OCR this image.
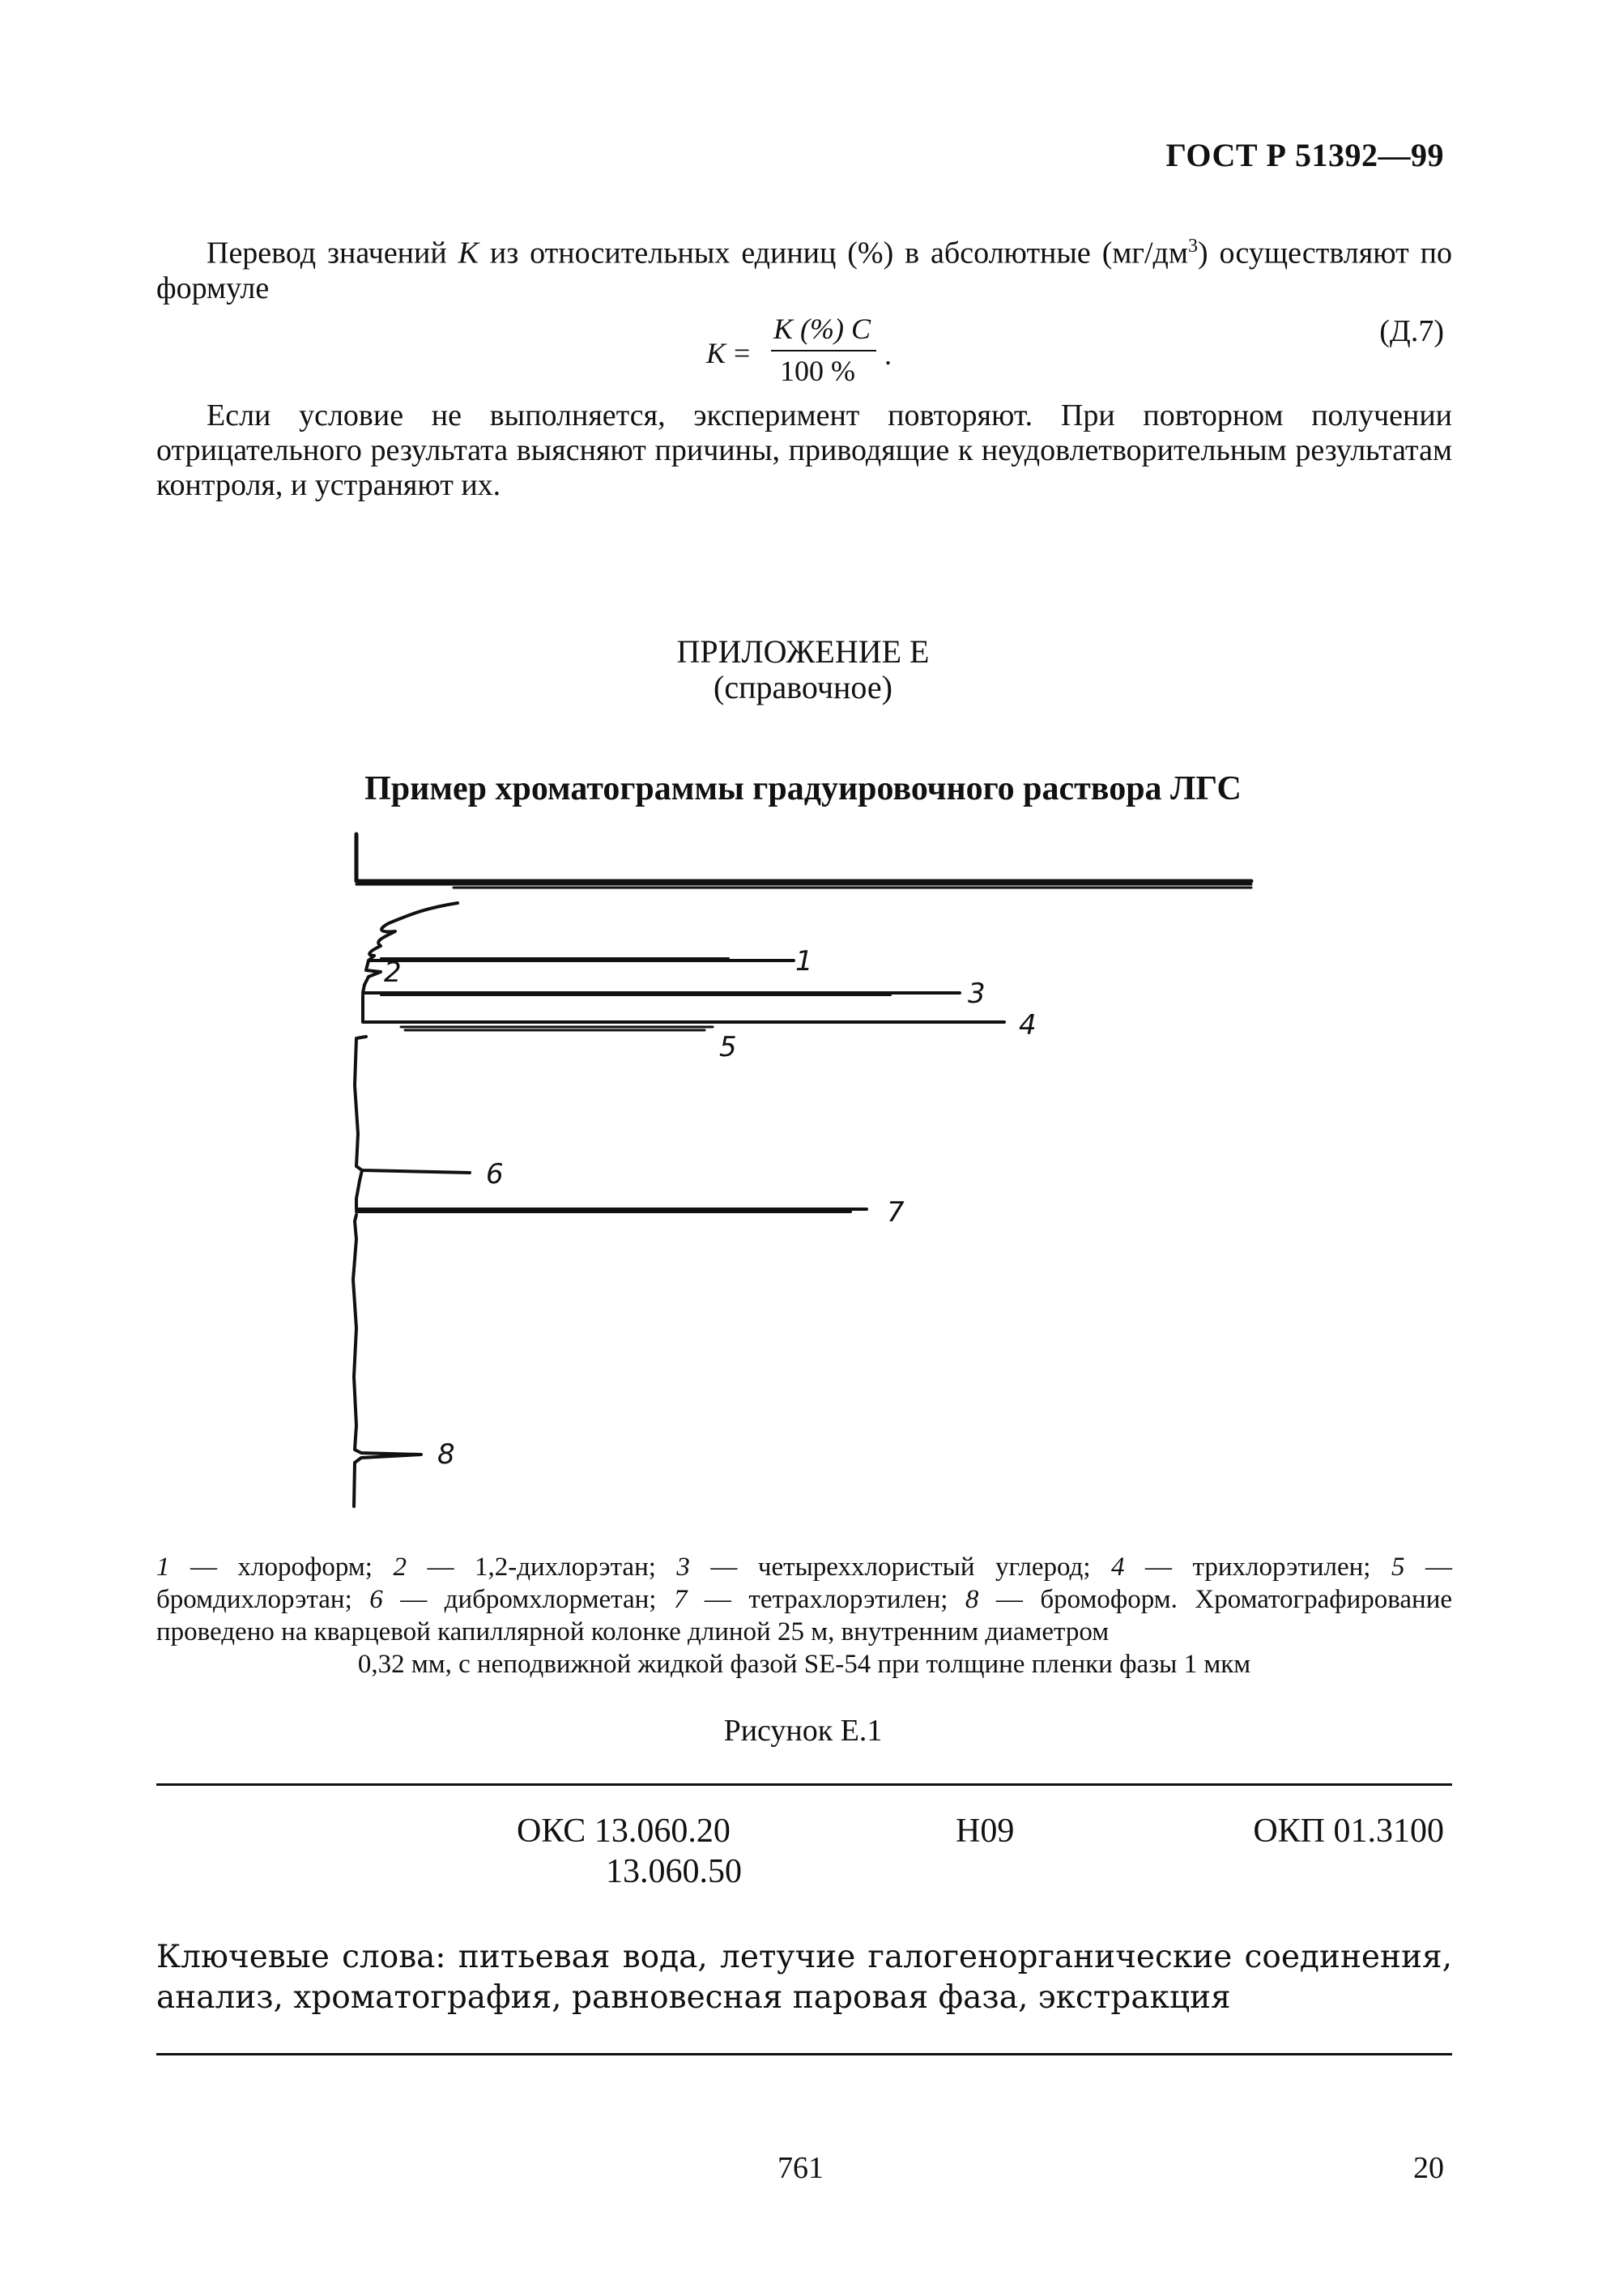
ГОСТ Р 51392—99
Перевод значений K из относительных единиц (%) в абсолютные $(мг/дм^3)$ осуществляют по формуле
K =
K (%) C
100 % .
(Д.7)
Если условие не выполняется, эксперимент повторяют. При повторном получении отрицательного результата выясняют причины, приводящие к неудовлетворительным результатам контроля, и устраняют их.
ПРИЛОЖЕНИЕ Е
(справочное)
Пример хроматограммы градуировочного раствора ЛГС
1
2
3
4
5
6
7
8
1 — хлороформ; 2 — 1,2-дихлорэтан; 3 — четыреххлористый углерод; 4 — трихлорэтилен; 5 — бромдихлорэтан; 6 — дибромхлорметан; 7 — тетрахлорэтилен; 8 — бромоформ. Хроматографирование проведено на кварцевой капиллярной колонке длиной 25 м, внутренним диаметром
0,32 мм, с неподвижной жидкой фазой SE-54 при толщине пленки фазы 1 мкм
Рисунок Е.1
ОКС 13.060.20
13.060.50
Н09	ОКП 01.3100
Ключевые слова: питьевая вода, летучие галогенорганические соединения, анализ, хроматография, равновесная паровая фаза, экстракция
761	20
